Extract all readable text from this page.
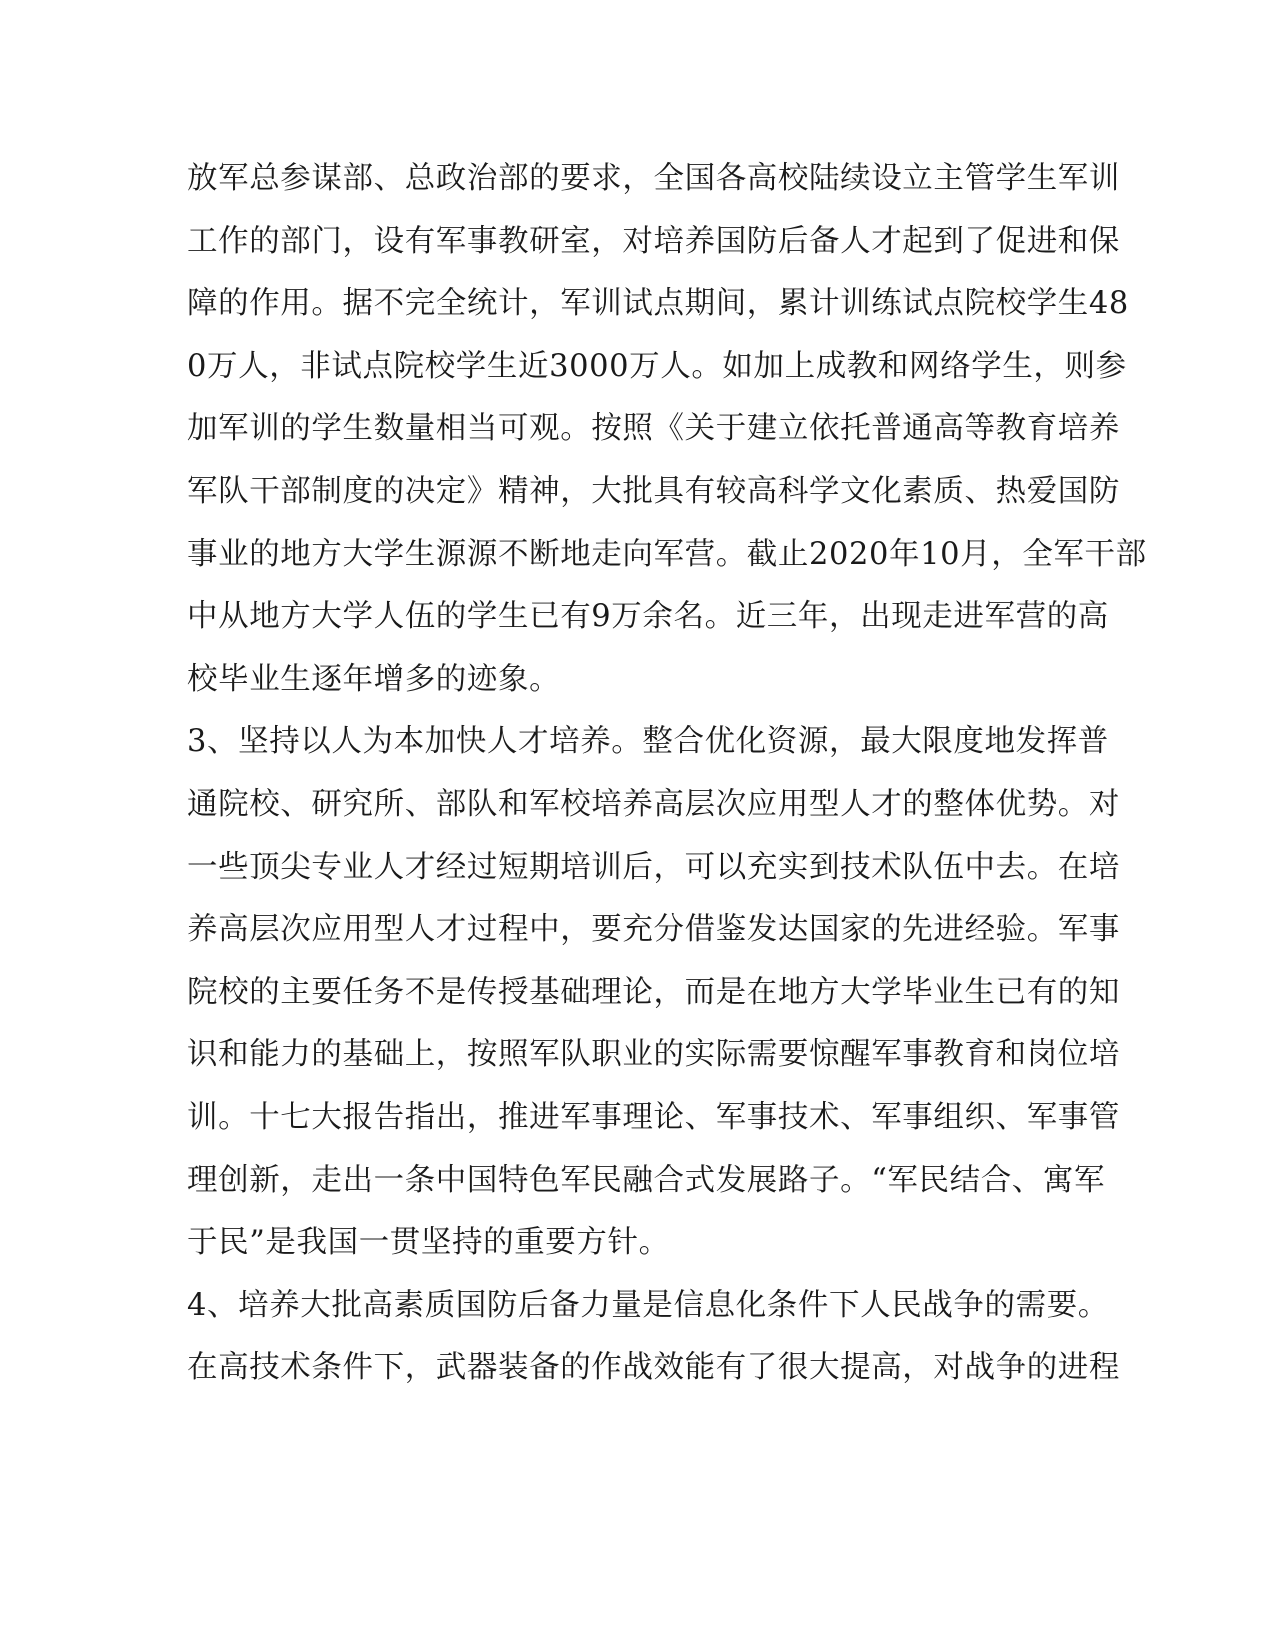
放军总参谋部、总政治部的要求，全国各高校陆续设立主管学生军训
工作的部门，设有军事教研室，对培养国防后备人才起到了促进和保
障的作用。据不完全统计，军训试点期间，累计训练试点院校学生48
0万人，非试点院校学生近3000万人。如加上成教和网络学生，则参
加军训的学生数量相当可观。按照《关于建立依托普通高等教育培养
军队干部制度的决定》精神，大批具有较高科学文化素质、热爱国防
事业的地方大学生源源不断地走向军营。截止2020年10月，全军干部
中从地方大学人伍的学生已有9万余名。近三年，出现走进军营的高
校毕业生逐年增多的迹象。
3、坚持以人为本加快人才培养。整合优化资源，最大限度地发挥普
通院校、研究所、部队和军校培养高层次应用型人才的整体优势。对
一些顶尖专业人才经过短期培训后，可以充实到技术队伍中去。在培
养高层次应用型人才过程中，要充分借鉴发达国家的先进经验。军事
院校的主要任务不是传授基础理论，而是在地方大学毕业生已有的知
识和能力的基础上，按照军队职业的实际需要惊醒军事教育和岗位培
训。十七大报告指出，推进军事理论、军事技术、军事组织、军事管
理创新，走出一条中国特色军民融合式发展路子。“军民结合、寓军
于民”是我国一贯坚持的重要方针。
4、培养大批高素质国防后备力量是信息化条件下人民战争的需要。
在高技术条件下，武器装备的作战效能有了很大提高，对战争的进程
